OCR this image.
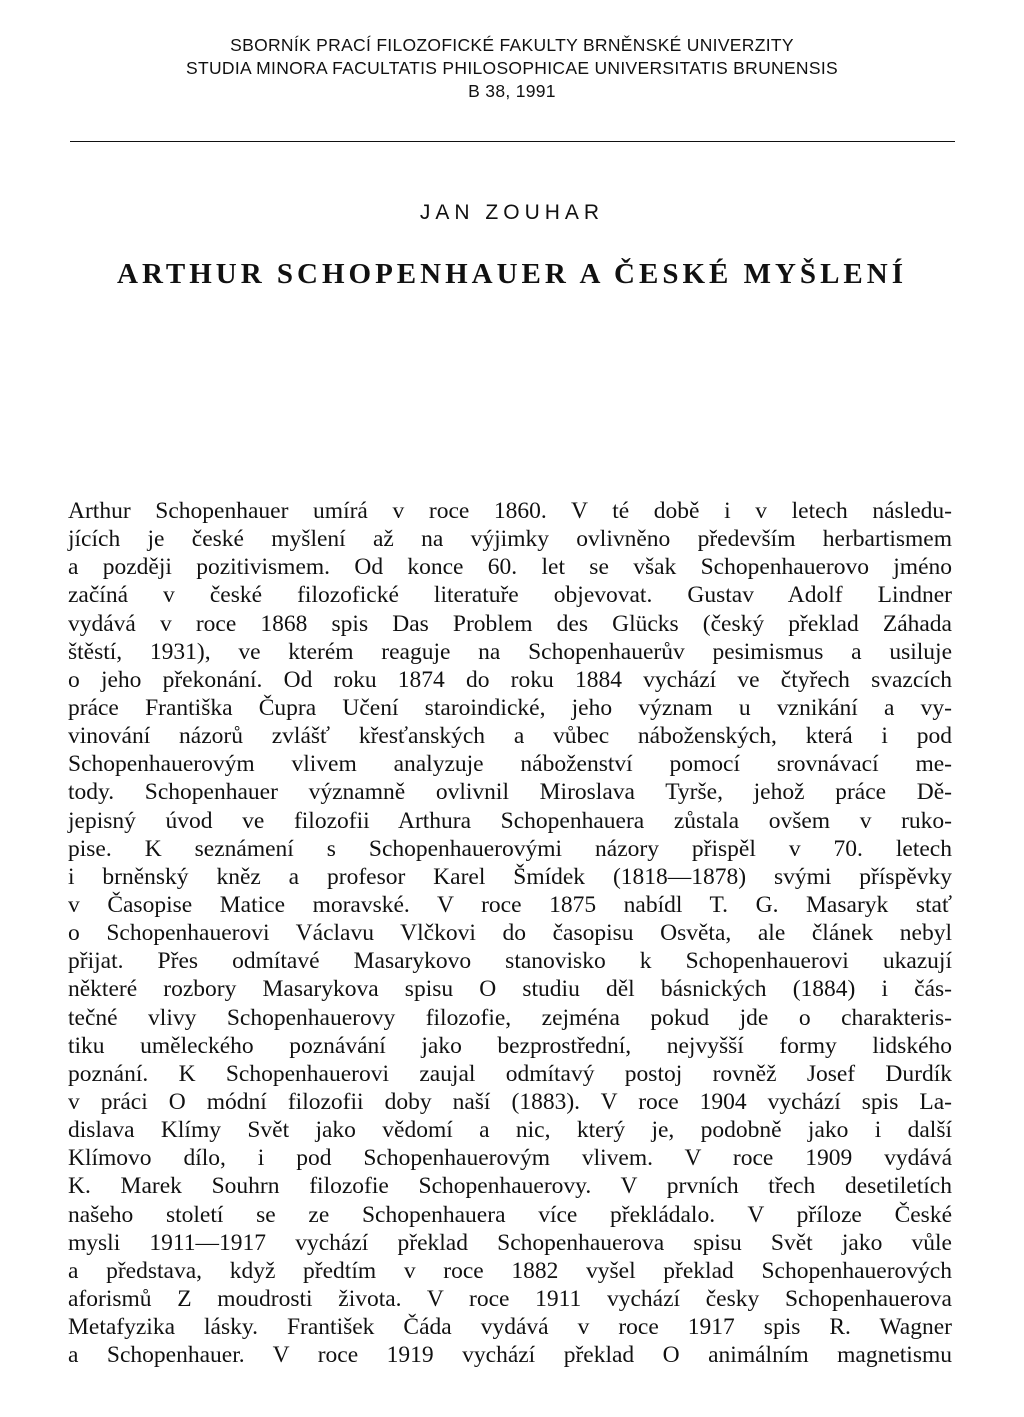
SBORNÍK PRACÍ FILOZOFICKÉ FAKULTY BRNĚNSKÉ UNIVERZITY
STUDIA MINORA FACULTATIS PHILOSOPHICAE UNIVERSITATIS BRUNENSIS
B 38, 1991
JAN ZOUHAR
ARTHUR SCHOPENHAUER A ČESKÉ MYŠLENÍ
Arthur Schopenhauer umírá v roce 1860. V té době i v letech následu-
jících je české myšlení až na výjimky ovlivněno především herbartismem
a později pozitivismem. Od konce 60. let se však Schopenhauerovo jméno
začíná v české filozofické literatuře objevovat. Gustav Adolf Lindner
vydává v roce 1868 spis Das Problem des Glücks (český překlad Záhada
štěstí, 1931), ve kterém reaguje na Schopenhauerův pesimismus a usiluje
o jeho překonání. Od roku 1874 do roku 1884 vychází ve čtyřech svazcích
práce Františka Čupra Učení staroindické, jeho význam u vznikání a vy-
vinování názorů zvlášť křesťanských a vůbec náboženských, která i pod
Schopenhauerovým vlivem analyzuje náboženství pomocí srovnávací me-
tody. Schopenhauer významně ovlivnil Miroslava Tyrše, jehož práce Dě-
jepisný úvod ve filozofii Arthura Schopenhauera zůstala ovšem v ruko-
pise. K seznámení s Schopenhauerovými názory přispěl v 70. letech
i brněnský kněz a profesor Karel Šmídek (1818—1878) svými příspěvky
v Časopise Matice moravské. V roce 1875 nabídl T. G. Masaryk stať
o Schopenhauerovi Václavu Vlčkovi do časopisu Osvěta, ale článek nebyl
přijat. Přes odmítavé Masarykovo stanovisko k Schopenhauerovi ukazují
některé rozbory Masarykova spisu O studiu děl básnických (1884) i čás-
tečné vlivy Schopenhauerovy filozofie, zejména pokud jde o charakteris-
tiku uměleckého poznávání jako bezprostřední, nejvyšší formy lidského
poznání. K Schopenhauerovi zaujal odmítavý postoj rovněž Josef Durdík
v práci O módní filozofii doby naší (1883). V roce 1904 vychází spis La-
dislava Klímy Svět jako vědomí a nic, který je, podobně jako i další
Klímovo dílo, i pod Schopenhauerovým vlivem. V roce 1909 vydává
K. Marek Souhrn filozofie Schopenhauerovy. V prvních třech desetiletích
našeho století se ze Schopenhauera více překládalo. V příloze České
mysli 1911—1917 vychází překlad Schopenhauerova spisu Svět jako vůle
a představa, když předtím v roce 1882 vyšel překlad Schopenhauerových
aforismů Z moudrosti života. V roce 1911 vychází česky Schopenhauerova
Metafyzika lásky. František Čáda vydává v roce 1917 spis R. Wagner
a Schopenhauer. V roce 1919 vychází překlad O animálním magnetismu
